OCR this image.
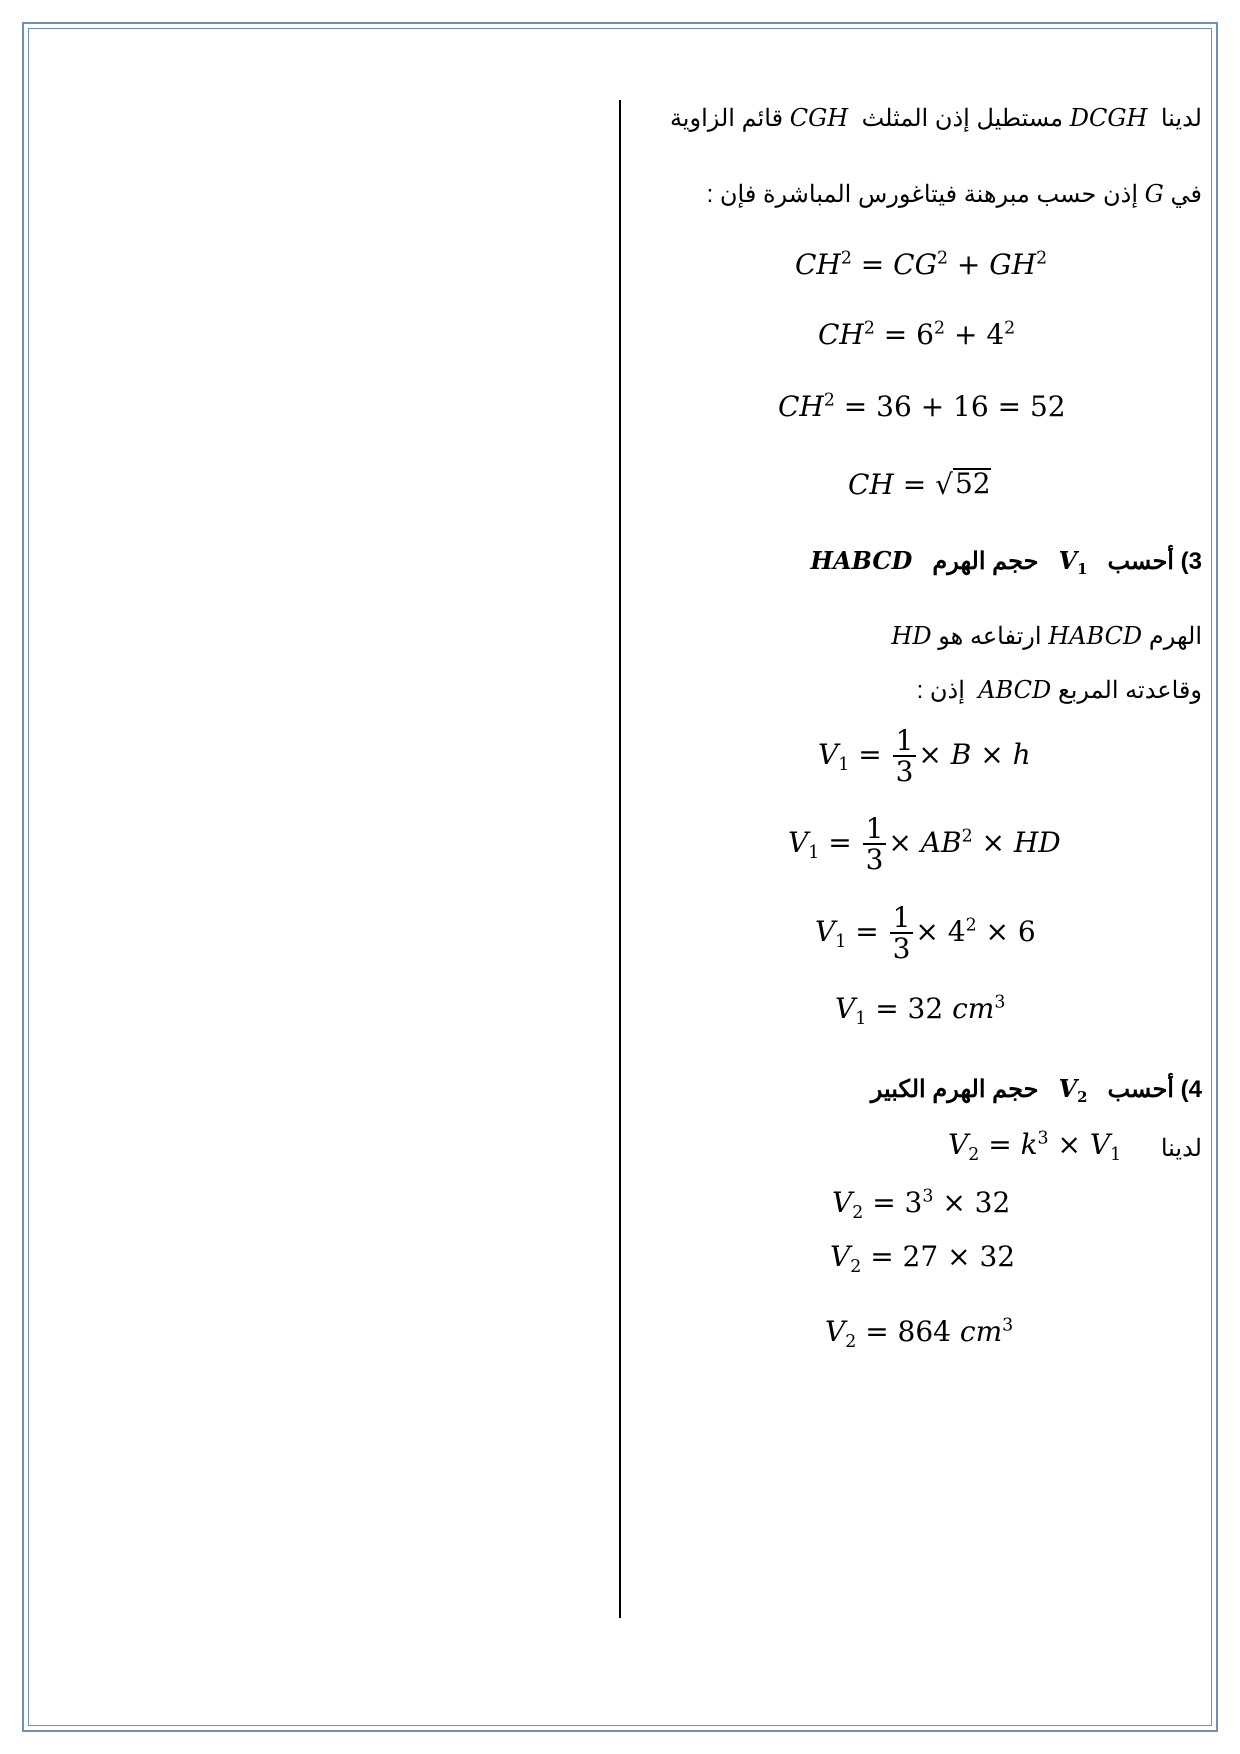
لدينا  DCGH مستطيل إذن المثلث  CGH قائم الزاوية
في G إذن حسب مبرهنة فيتاغورس المباشرة فإن :
$CH^2 = CG^2 + GH^2$
$CH^2 = 6^2 + 4^2$
$CH^2 = 36 + 16 = 52$
CH = √ 52
3) أحسب   $V_1$   حجم الهرم   HABCD
الهرم HABCD ارتفاعه هو HD
وقاعدته المربع ABCD  إذن :
$V_1 = \frac{1}{3} \times B \times h$
$V_1 = \frac{1}{3} \times AB^2$ × HD
$V_1 = \frac{1}{3} \times 4^2 \times 6$
$V_1 = 32$ $cm^3$
4) أحسب   $V_2$   حجم الهرم الكبير
لدينا
$V_2 = k^3 \times V_1$
$V_2 = 3^3 \times 32$
$V_2 = 27 \times 32$
$V_2 = 864$ $cm^3$
